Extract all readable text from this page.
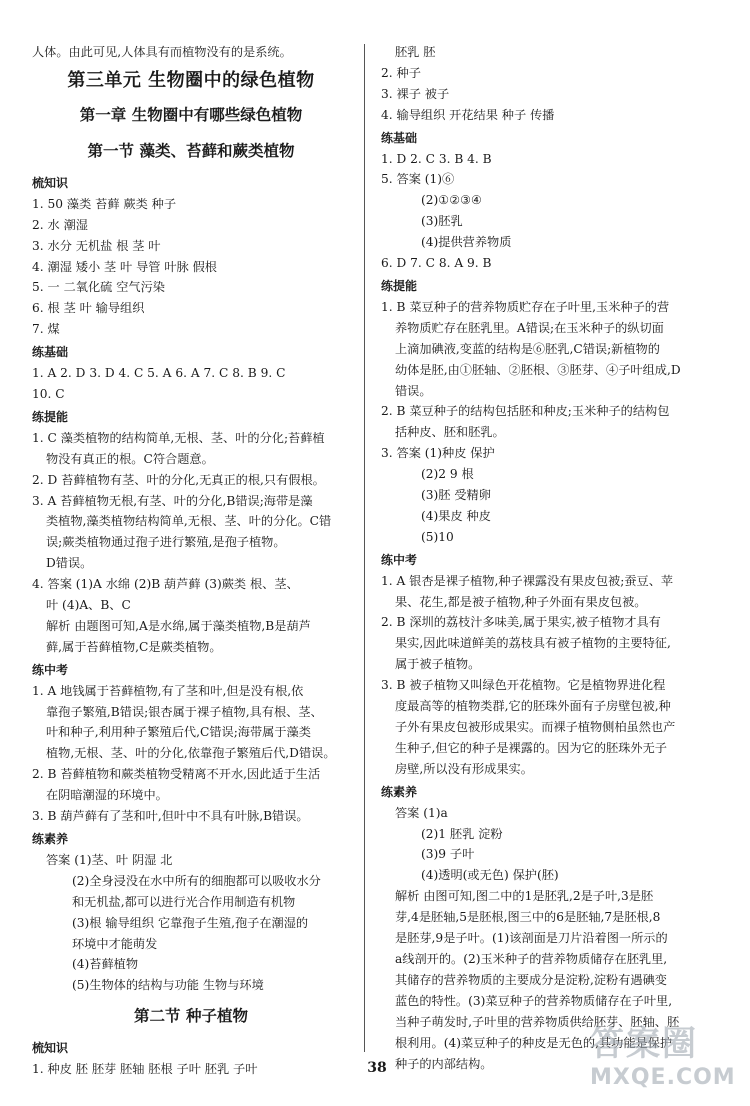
人体。由此可见,人体具有而植物没有的是系统。
第三单元 生物圈中的绿色植物
第一章 生物圈中有哪些绿色植物
第一节 藻类、苔藓和蕨类植物
梳知识
1. 50 藻类 苔藓 蕨类 种子
2. 水 潮湿
3. 水分 无机盐 根 茎 叶
4. 潮湿 矮小 茎 叶 导管 叶脉 假根
5. 一 二氧化硫 空气污染
6. 根 茎 叶 输导组织
7. 煤
练基础
1. A 2. D 3. D 4. C 5. A 6. A 7. C 8. B 9. C
10. C
练提能
1. C 藻类植物的结构简单,无根、茎、叶的分化;苔藓植
物没有真正的根。C符合题意。
2. D 苔藓植物有茎、叶的分化,无真正的根,只有假根。
3. A 苔藓植物无根,有茎、叶的分化,B错误;海带是藻
类植物,藻类植物结构简单,无根、茎、叶的分化。C错
误;蕨类植物通过孢子进行繁殖,是孢子植物。
D错误。
4. 答案 (1)A 水绵 (2)B 葫芦藓 (3)蕨类 根、茎、
叶 (4)A、B、C
解析 由题图可知,A是水绵,属于藻类植物,B是葫芦
藓,属于苔藓植物,C是蕨类植物。
练中考
1. A 地钱属于苔藓植物,有了茎和叶,但是没有根,依
靠孢子繁殖,B错误;银杏属于裸子植物,具有根、茎、
叶和种子,利用种子繁殖后代,C错误;海带属于藻类
植物,无根、茎、叶的分化,依靠孢子繁殖后代,D错误。
2. B 苔藓植物和蕨类植物受精离不开水,因此适于生活
在阴暗潮湿的环境中。
3. B 葫芦藓有了茎和叶,但叶中不具有叶脉,B错误。
练素养
答案 (1)茎、叶 阴湿 北
(2)全身浸没在水中所有的细胞都可以吸收水分
和无机盐,都可以进行光合作用制造有机物
(3)根 输导组织 它靠孢子生殖,孢子在潮湿的
环境中才能萌发
(4)苔藓植物
(5)生物体的结构与功能 生物与环境
第二节 种子植物
梳知识
1. 种皮 胚 胚芽 胚轴 胚根 子叶 胚乳 子叶
胚乳 胚
2. 种子
3. 裸子 被子
4. 输导组织 开花结果 种子 传播
练基础
1. D 2. C 3. B 4. B
5. 答案 (1)⑥
(2)①②③④
(3)胚乳
(4)提供营养物质
6. D 7. C 8. A 9. B
练提能
1. B 菜豆种子的营养物质贮存在子叶里,玉米种子的营
养物质贮存在胚乳里。A错误;在玉米种子的纵切面
上滴加碘液,变蓝的结构是⑥胚乳,C错误;新植物的
幼体是胚,由①胚轴、②胚根、③胚芽、④子叶组成,D
错误。
2. B 菜豆种子的结构包括胚和种皮;玉米种子的结构包
括种皮、胚和胚乳。
3. 答案 (1)种皮 保护
(2)2 9 根
(3)胚 受精卵
(4)果皮 种皮
(5)10
练中考
1. A 银杏是裸子植物,种子裸露没有果皮包被;蚕豆、苹
果、花生,都是被子植物,种子外面有果皮包被。
2. B 深圳的荔枝汁多味美,属于果实,被子植物才具有
果实,因此味道鲜美的荔枝具有被子植物的主要特征,
属于被子植物。
3. B 被子植物又叫绿色开花植物。它是植物界进化程
度最高等的植物类群,它的胚珠外面有子房壁包被,种
子外有果皮包被形成果实。而裸子植物侧柏虽然也产
生种子,但它的种子是裸露的。因为它的胚珠外无子
房壁,所以没有形成果实。
练素养
答案 (1)a
(2)1 胚乳 淀粉
(3)9 子叶
(4)透明(或无色) 保护(胚)
解析 由图可知,图二中的1是胚乳,2是子叶,3是胚
芽,4是胚轴,5是胚根,图三中的6是胚轴,7是胚根,8
是胚芽,9是子叶。(1)该剖面是刀片沿着图一所示的
a线剖开的。(2)玉米种子的营养物质储存在胚乳里,
其储存的营养物质的主要成分是淀粉,淀粉有遇碘变
蓝色的特性。(3)菜豆种子的营养物质储存在子叶里,
当种子萌发时,子叶里的营养物质供给胚芽、胚轴、胚
根利用。(4)菜豆种子的种皮是无色的,其功能是保护
种子的内部结构。
38
答案圈
MXQE.COM
